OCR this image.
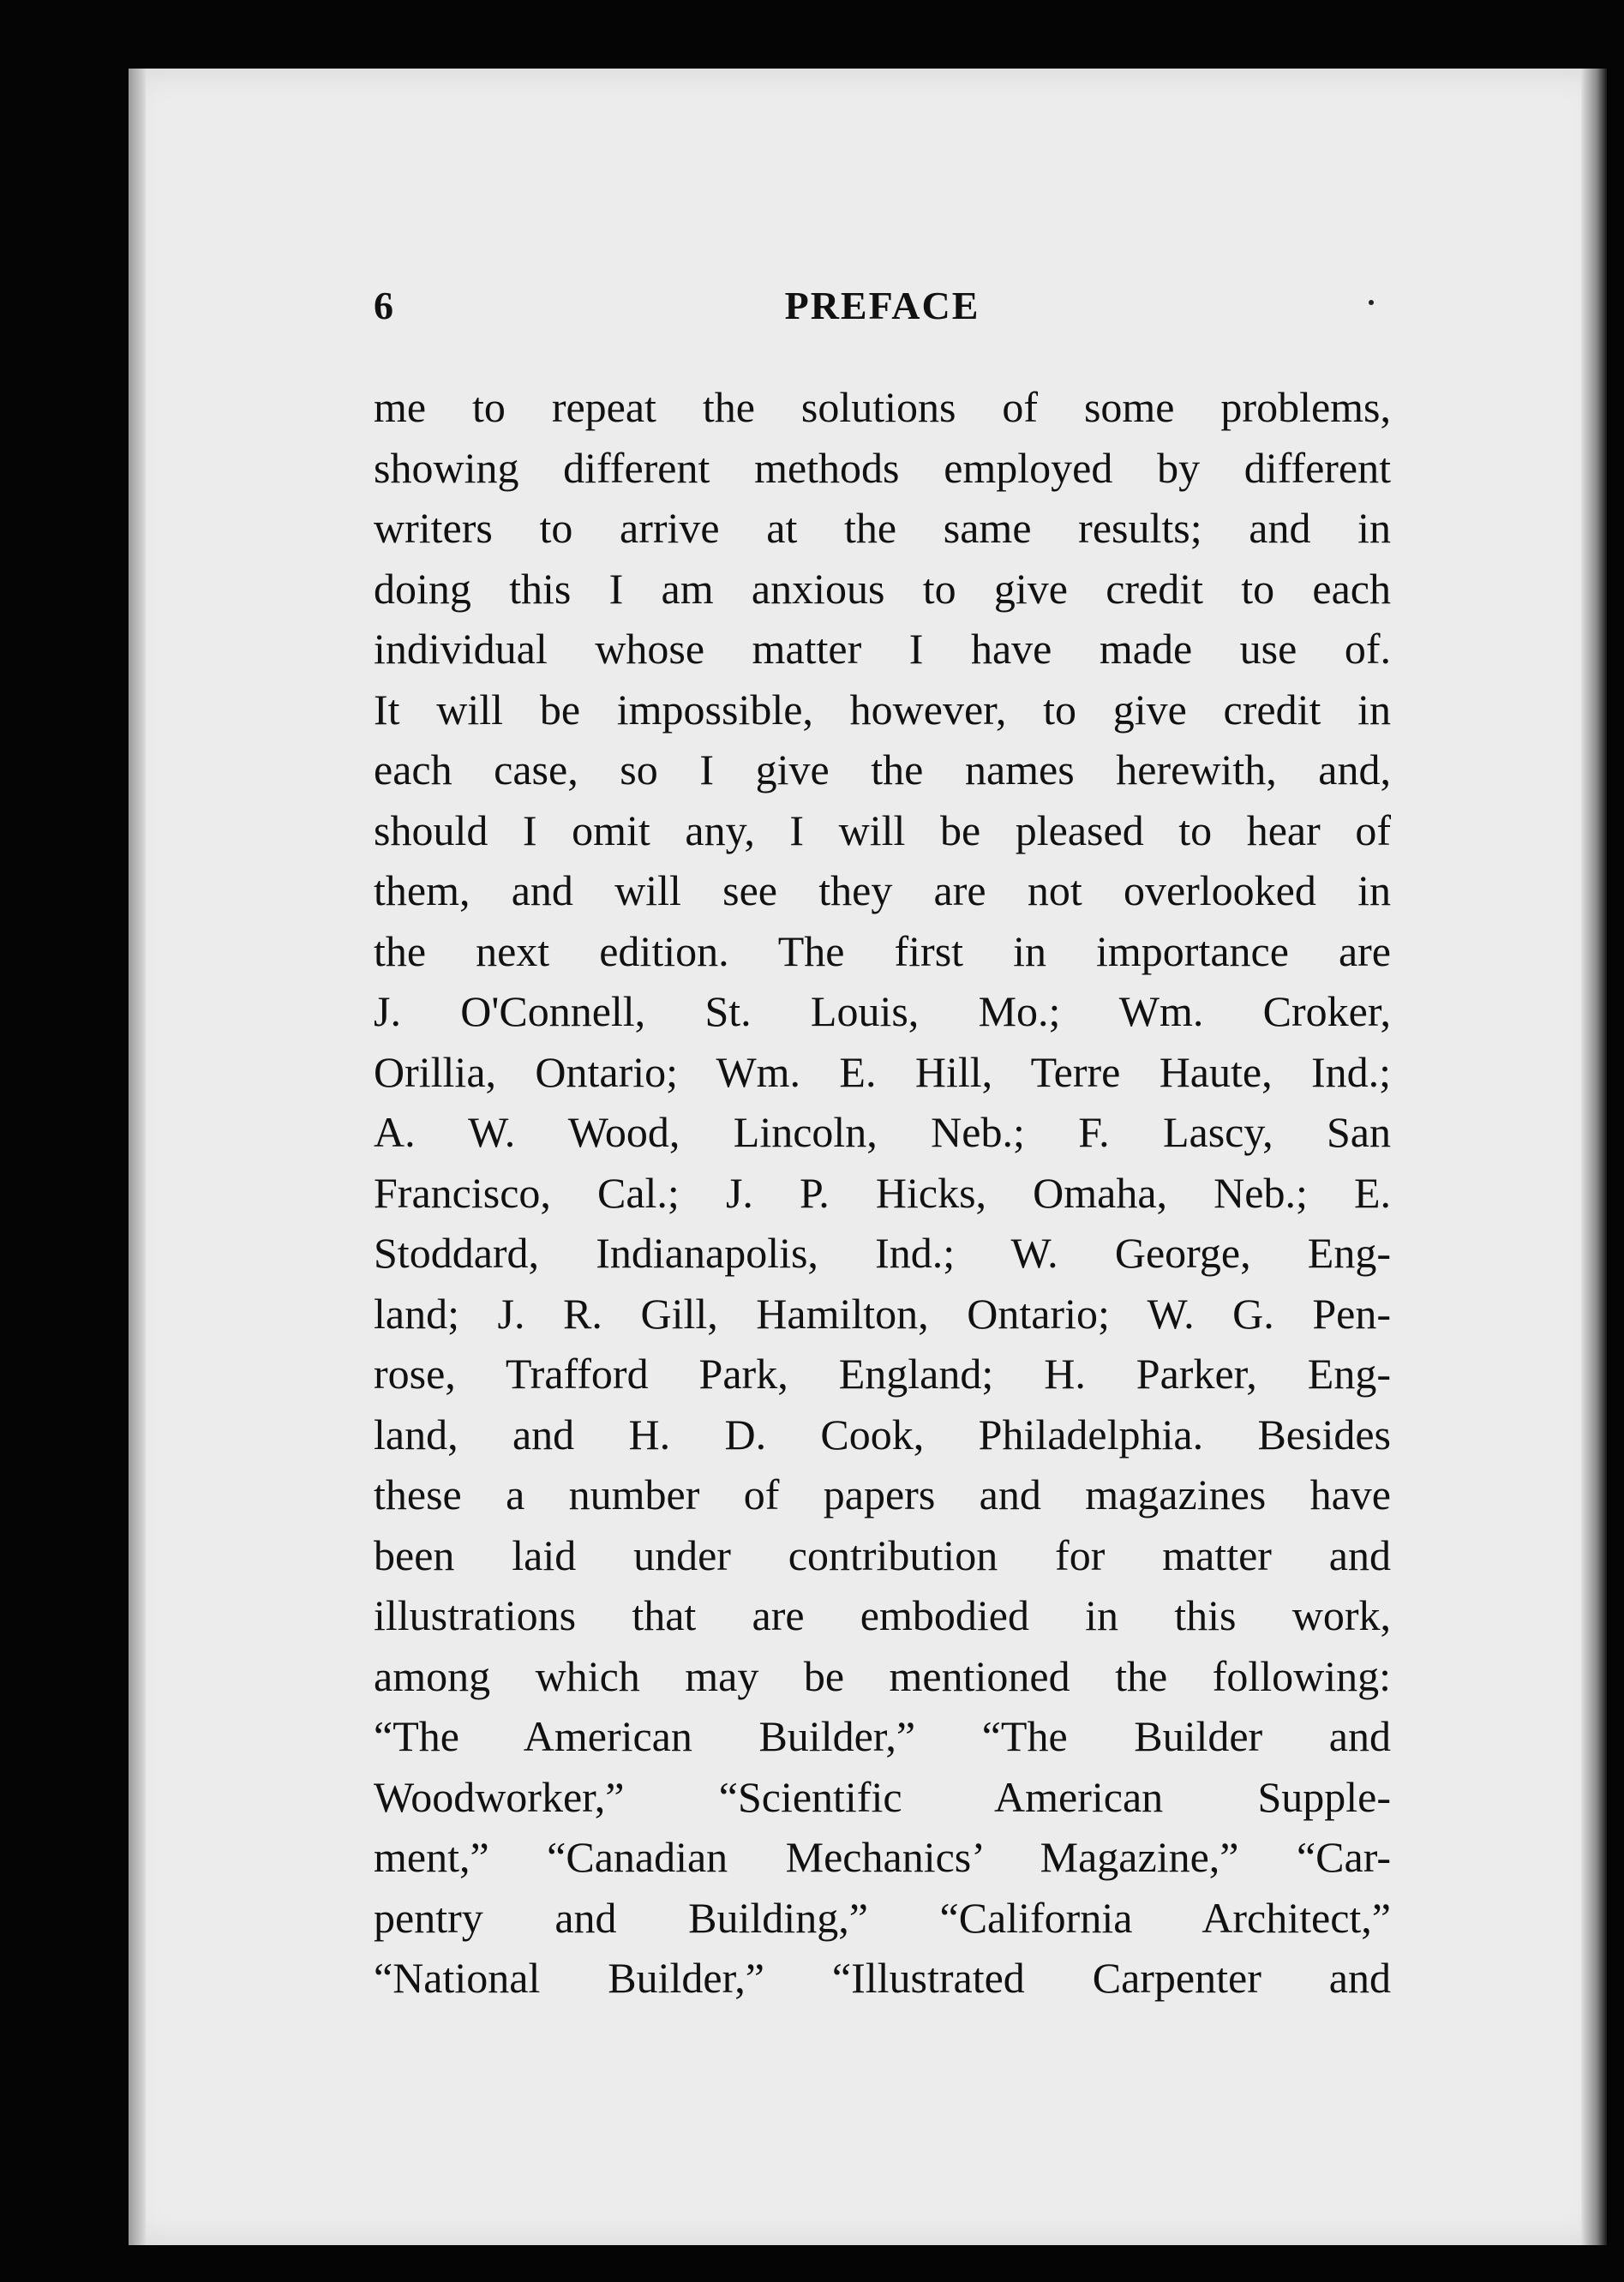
6	PREFACE
me to repeat the solutions of some problems,
showing different methods employed by different
writers to arrive at the same results; and in
doing this I am anxious to give credit to each
individual whose matter I have made use of.
It will be impossible, however, to give credit in
each case, so I give the names herewith, and,
should I omit any, I will be pleased to hear of
them, and will see they are not overlooked in
the next edition. The first in importance are
J. O'Connell, St. Louis, Mo.; Wm. Croker,
Orillia, Ontario; Wm. E. Hill, Terre Haute, Ind.;
A. W. Wood, Lincoln, Neb.; F. Lascy, San
Francisco, Cal.; J. P. Hicks, Omaha, Neb.; E.
Stoddard, Indianapolis, Ind.; W. George, Eng-
land; J. R. Gill, Hamilton, Ontario; W. G. Pen-
rose, Trafford Park, England; H. Parker, Eng-
land, and H. D. Cook, Philadelphia. Besides
these a number of papers and magazines have
been laid under contribution for matter and
illustrations that are embodied in this work,
among which may be mentioned the following:
“The American Builder,” “The Builder and
Woodworker,” “Scientific American Supple-
ment,” “Canadian Mechanics’ Magazine,” “Car-
pentry and Building,” “California Architect,”
“National Builder,” “Illustrated Carpenter and
